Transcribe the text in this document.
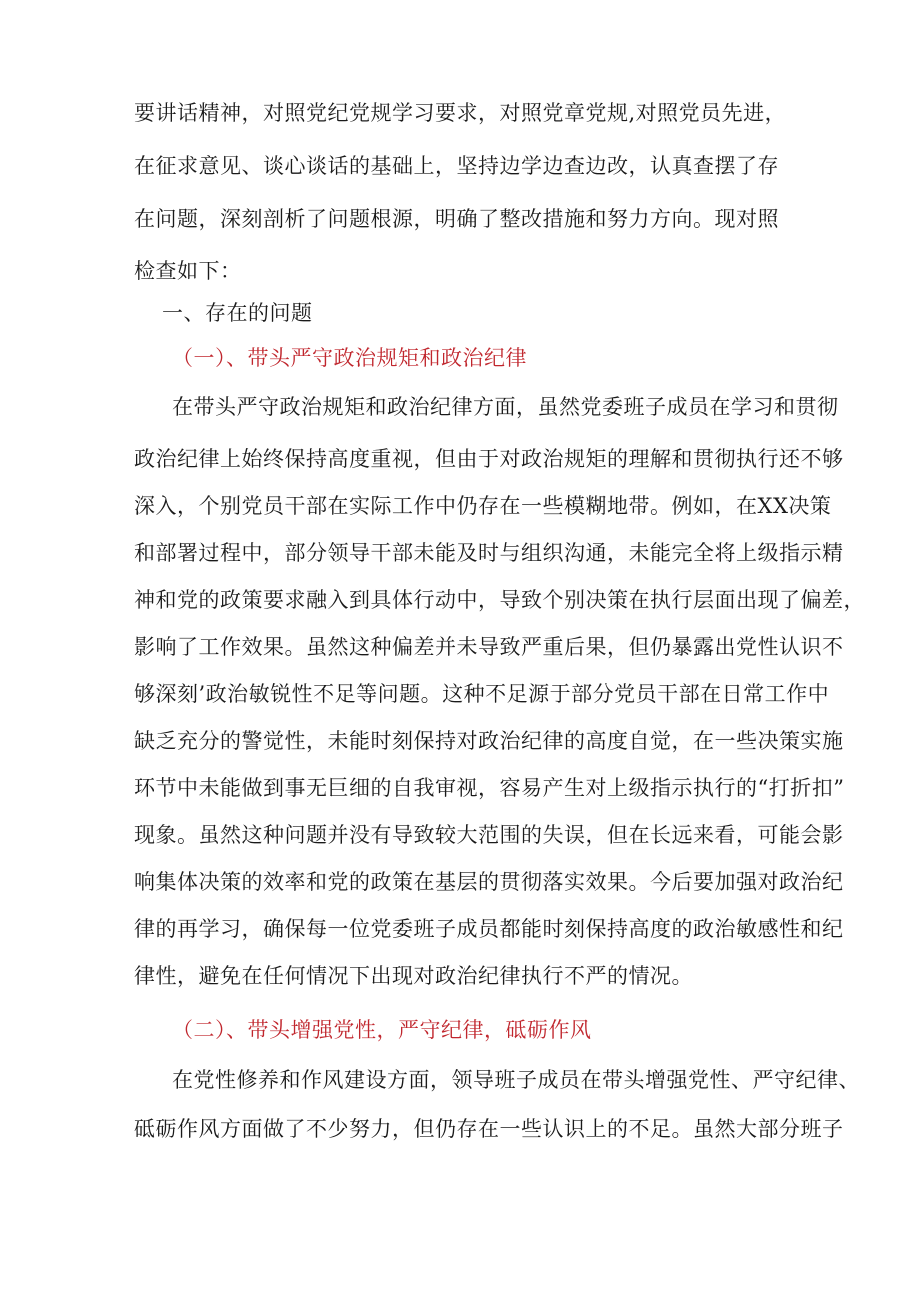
要讲话精神，对照党纪党规学习要求，对照党章党规,对照党员先进，
在征求意见、谈心谈话的基础上，坚持边学边查边改，认真查摆了存
在问题，深刻剖析了问题根源，明确了整改措施和努力方向。现对照
检查如下：
一、存在的问题
（一）、带头严守政治规矩和政治纪律
在带头严守政治规矩和政治纪律方面，虽然党委班子成员在学习和贯彻
政治纪律上始终保持高度重视，但由于对政治规矩的理解和贯彻执行还不够
深入，个别党员干部在实际工作中仍存在一些模糊地带。例如，在XX决策
和部署过程中，部分领导干部未能及时与组织沟通，未能完全将上级指示精
神和党的政策要求融入到具体行动中，导致个别决策在执行层面出现了偏差，
影响了工作效果。虽然这种偏差并未导致严重后果，但仍暴露出党性认识不
够深刻’政治敏锐性不足等问题。这种不足源于部分党员干部在日常工作中
缺乏充分的警觉性，未能时刻保持对政治纪律的高度自觉，在一些决策实施
环节中未能做到事无巨细的自我审视，容易产生对上级指示执行的“打折扣”
现象。虽然这种问题并没有导致较大范围的失误，但在长远来看，可能会影
响集体决策的效率和党的政策在基层的贯彻落实效果。今后要加强对政治纪
律的再学习，确保每一位党委班子成员都能时刻保持高度的政治敏感性和纪
律性，避免在任何情况下出现对政治纪律执行不严的情况。
（二）、带头增强党性，严守纪律，砥砺作风
在党性修养和作风建设方面，领导班子成员在带头增强党性、严守纪律、
砥砺作风方面做了不少努力，但仍存在一些认识上的不足。虽然大部分班子
